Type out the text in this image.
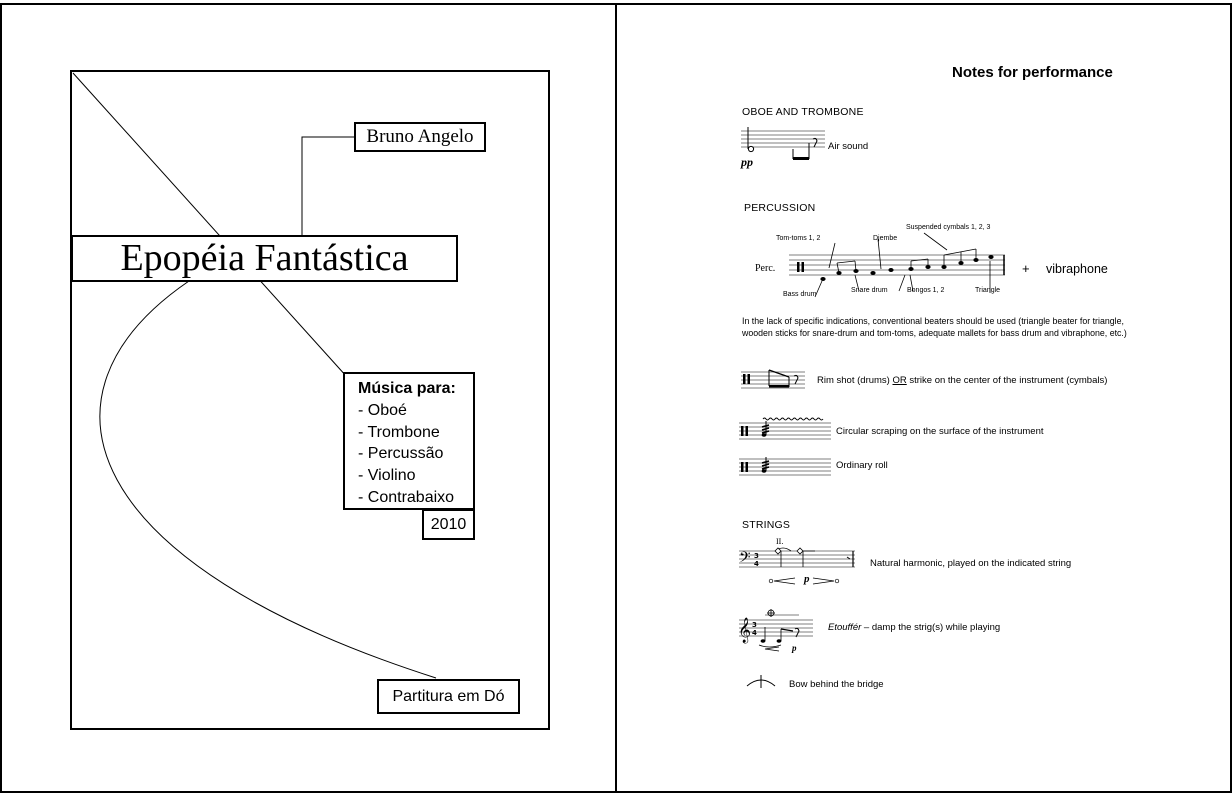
Bruno Angelo
Epopéia Fantástica
Música para:
- Oboé
- Trombone
- Percussão
- Violino
- Contrabaixo
2010
Partitura em Dó
Notes for performance
OBOE AND TROMBONE
pp
Air sound
PERCUSSION
Tom-toms 1, 2	Djembe
Suspended cymbals 1, 2, 3
Perc.	+ vibraphone
Bass drum
Snare drum	Bongos 1, 2	Triangle
In the lack of specific indications, conventional beaters should be used (triangle beater for triangle,
wooden sticks for snare-drum and tom-toms, adequate mallets for bass drum and vibraphone, etc.)
Rim shot (drums) OR strike on the center of the instrument (cymbals)
Circular scraping on the surface of the instrument
Ordinary roll
STRINGS
II.
𝄢 3
4
p
Natural harmonic, played on the indicated string
𝄞 3
4
p
Etouffér – damp the strig(s) while playing
Bow behind the bridge
